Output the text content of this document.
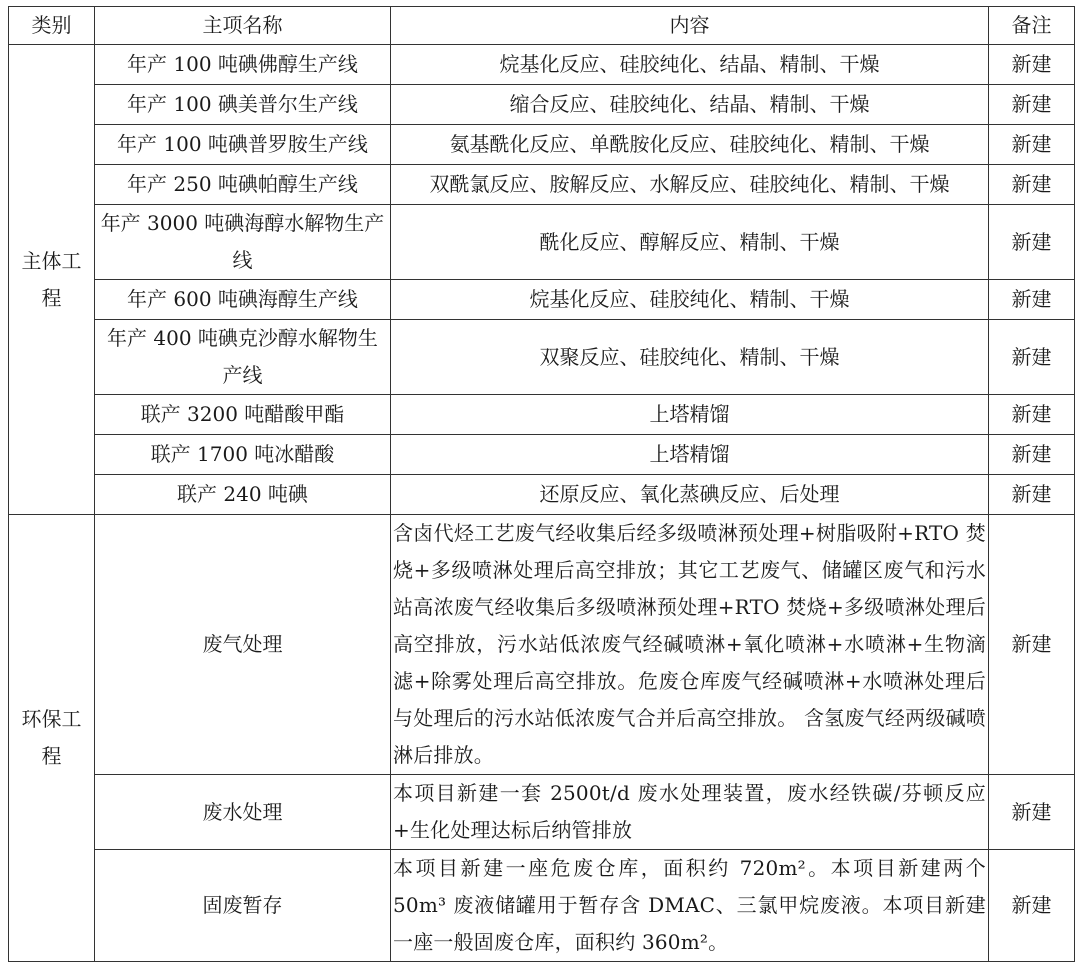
类别	主项名称	内容	备注

主体工程	年产 100 吨碘佛醇生产线	烷基化反应、硅胶纯化、结晶、精制、干燥	新建
	年产 100 碘美普尔生产线	缩合反应、硅胶纯化、结晶、精制、干燥	新建
	年产 100 吨碘普罗胺生产线	氨基酰化反应、单酰胺化反应、硅胶纯化、精制、干燥	新建
	年产 250 吨碘帕醇生产线	双酰氯反应、胺解反应、水解反应、硅胶纯化、精制、干燥	新建
	年产 3000 吨碘海醇水解物生产线	酰化反应、醇解反应、精制、干燥	新建
	年产 600 吨碘海醇生产线	烷基化反应、硅胶纯化、精制、干燥	新建
	年产 400 吨碘克沙醇水解物生产线	双聚反应、硅胶纯化、精制、干燥	新建
	联产 3200 吨醋酸甲酯	上塔精馏	新建
	联产 1700 吨冰醋酸	上塔精馏	新建
	联产 240 吨碘	还原反应、氧化蒸碘反应、后处理	新建

环保工程	废气处理	含卤代烃工艺废气经收集后经多级喷淋预处理+树脂吸附+RTO 焚烧+多级喷淋处理后高空排放；其它工艺废气、储罐区废气和污水站高浓废气经收集后多级喷淋预处理+RTO 焚烧+多级喷淋处理后高空排放，污水站低浓废气经碱喷淋+氧化喷淋+水喷淋+生物滴滤+除雾处理后高空排放。危废仓库废气经碱喷淋+水喷淋处理后与处理后的污水站低浓废气合并后高空排放。 含氢废气经两级碱喷淋后排放。	新建
	废水处理	本项目新建一套 2500t/d 废水处理装置，废水经铁碳/芬顿反应+生化处理达标后纳管排放	新建
	固废暂存	本项目新建一座危废仓库，面积约 720m²。本项目新建两个 50m³ 废液储罐用于暂存含 DMAC、三氯甲烷废液。本项目新建一座一般固废仓库，面积约 360m²。	新建
